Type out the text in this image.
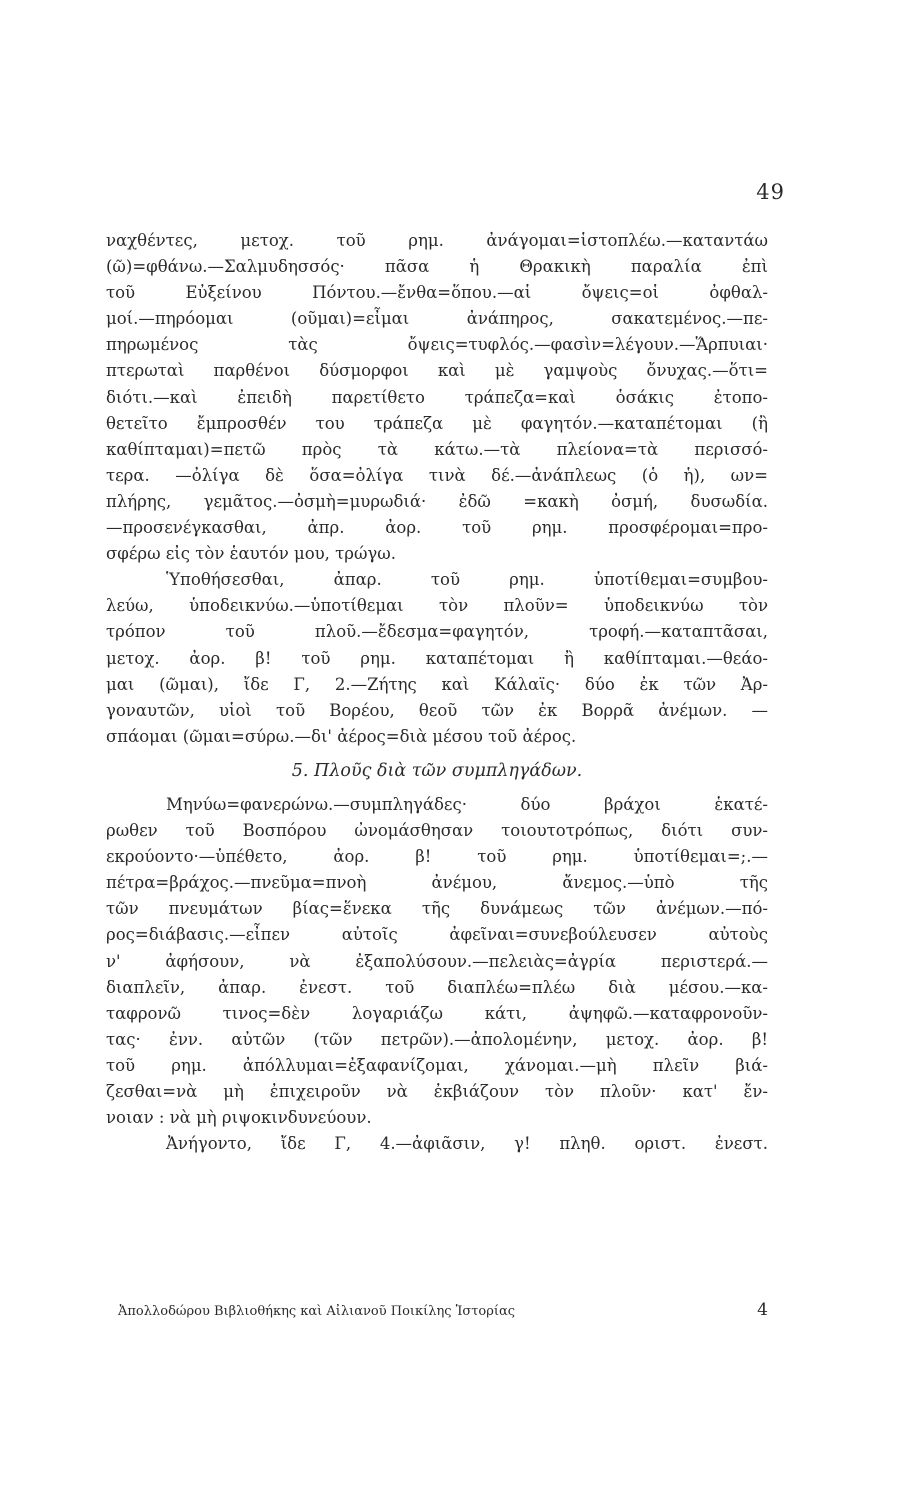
49
ναχθέντες, μετοχ. τοῦ ρημ. ἀνάγομαι=ἱστοπλέω.—καταντάω
(ῶ)=φθάνω.—Σαλμυδησσός· πᾶσα ἡ Θρακικὴ παραλία ἐπὶ
τοῦ Εὐξείνου Πόντου.—ἔνθα=ὅπου.—αἱ ὄψεις=οἱ ὀφθαλ-
μοί.—πηρόομαι (οῦμαι)=εἶμαι ἀνάπηρος, σακατεμένος.—πε-
πηρωμένος τὰς ὄψεις=τυφλός.—φασὶν=λέγουν.—Ἅρπυιαι·
πτερωταὶ παρθένοι δύσμορφοι καὶ μὲ γαμψοὺς ὄνυχας.—ὅτι=
διότι.—καὶ ἐπειδὴ παρετίθετο τράπεζα=καὶ ὁσάκις ἐτοπο-
θετεῖτο ἔμπροσθέν του τράπεζα μὲ φαγητόν.—καταπέτομαι (ἢ
καθίπταμαι)=πετῶ πρὸς τὰ κάτω.—τὰ πλείονα=τὰ περισσό-
τερα. —ὀλίγα δὲ ὅσα=ὀλίγα τινὰ δέ.—ἀνάπλεως (ὁ ἡ), ων=
πλήρης, γεμᾶτος.—ὀσμὴ=μυρωδιά· ἐδῶ =κακὴ ὀσμή, δυσωδία.
—προσενέγκασθαι, ἀπρ. ἀορ. τοῦ ρημ. προσφέρομαι=προ-
σφέρω εἰς τὸν ἑαυτόν μου, τρώγω.
Ὑποθήσεσθαι, ἀπαρ. τοῦ ρημ. ὑποτίθεμαι=συμβου-
λεύω, ὑποδεικνύω.—ὑποτίθεμαι τὸν πλοῦν= ὑποδεικνύω τὸν
τρόπον τοῦ πλοῦ.—ἔδεσμα=φαγητόν, τροφή.—καταπτᾶσαι,
μετοχ. ἀορ. β! τοῦ ρημ. καταπέτομαι ἢ καθίπταμαι.—θεάο-
μαι (ῶμαι), ἴδε Γ, 2.—Ζήτης καὶ Κάλαϊς· δύο ἐκ τῶν Ἀρ-
γοναυτῶν, υἱοὶ τοῦ Βορέου, θεοῦ τῶν ἐκ Βορρᾶ ἀνέμων. —
σπάομαι (ῶμαι=σύρω.—δι' ἀέρος=διὰ μέσου τοῦ ἀέρος.
5. Πλοῦς διὰ τῶν συμπληγάδων.
Μηνύω=φανερώνω.—συμπληγάδες· δύο βράχοι ἑκατέ-
ρωθεν τοῦ Βοσπόρου ὠνομάσθησαν τοιουτοτρόπως, διότι συν-
εκρούοντο·—ὑπέθετο, ἀορ. β! τοῦ ρημ. ὑποτίθεμαι=;.—
πέτρα=βράχος.—πνεῦμα=πνοὴ ἀνέμου, ἄνεμος.—ὑπὸ τῆς
τῶν πνευμάτων βίας=ἕνεκα τῆς δυνάμεως τῶν ἀνέμων.—πό-
ρος=διάβασις.—εἶπεν αὐτοῖς ἀφεῖναι=συνεβούλευσεν αὐτοὺς
ν' ἀφήσουν, νὰ ἐξαπολύσουν.—πελειὰς=ἀγρία περιστερά.—
διαπλεῖν, ἀπαρ. ἐνεστ. τοῦ διαπλέω=πλέω διὰ μέσου.—κα-
ταφρονῶ τινος=δὲν λογαριάζω κάτι, ἀψηφῶ.—καταφρονοῦν-
τας· ἐνν. αὐτῶν (τῶν πετρῶν).—ἀπολομένην, μετοχ. ἀορ. β!
τοῦ ρημ. ἀπόλλυμαι=ἐξαφανίζομαι, χάνομαι.—μὴ πλεῖν βιά-
ζεσθαι=νὰ μὴ ἐπιχειροῦν νὰ ἐκβιάζουν τὸν πλοῦν· κατ' ἔν-
νοιαν : νὰ μὴ ριψοκινδυνεύουν.
Ἀνήγοντο, ἴδε Γ, 4.—ἀφιᾶσιν, γ! πληθ. οριστ. ἐνεστ.
Ἀπολλοδώρου Βιβλιοθήκης καὶ Αἰλιανοῦ Ποικίλης Ἱστορίας	4
